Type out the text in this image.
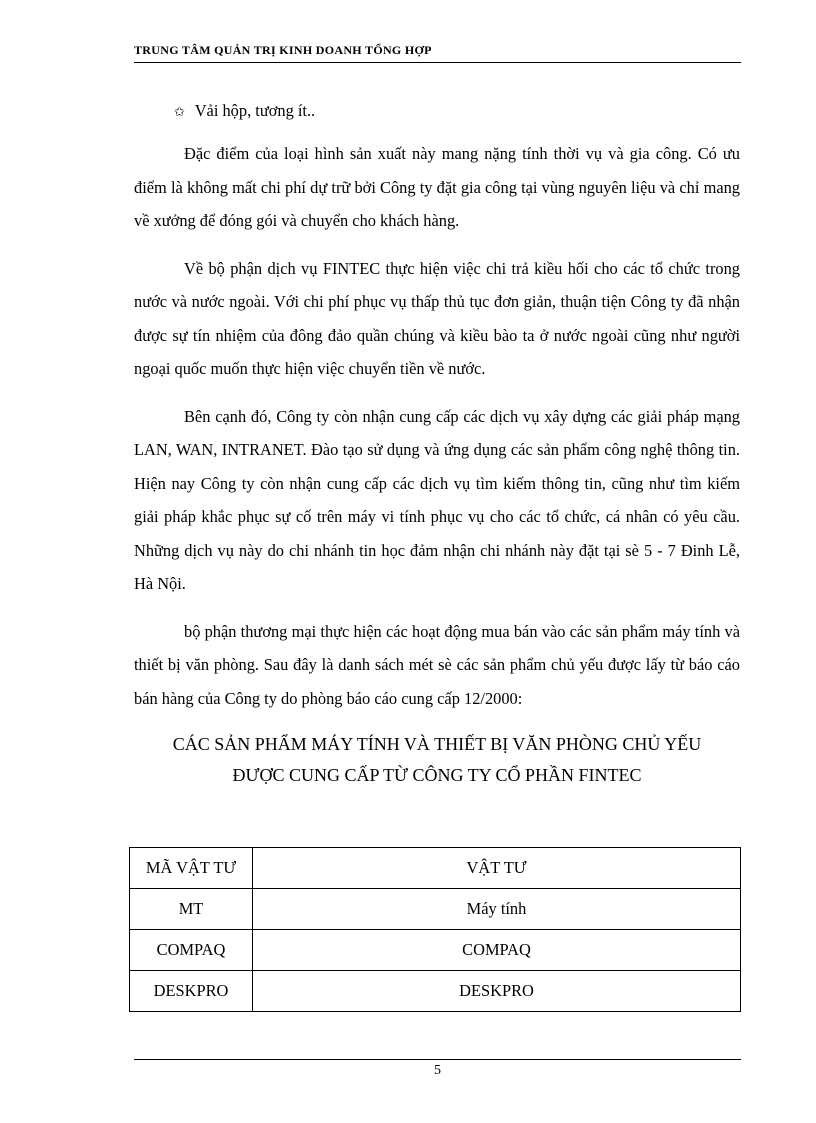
TRUNG TÂM QUẢN TRỊ KINH DOANH TỔNG HỢP

✩ Vải hộp, tương ít..

Đặc điểm của loại hình sản xuất này mang nặng tính thời vụ và gia công. Có ưu điểm là không mất chi phí dự trữ bởi Công ty đặt gia công tại vùng nguyên liệu và chỉ mang về xưởng để đóng gói và chuyển cho khách hàng.

Về bộ phận dịch vụ FINTEC thực hiện việc chi trả kiều hối cho các tổ chức trong nước và nước ngoài. Với chi phí phục vụ thấp thủ tục đơn giản, thuận tiện Công ty đã nhận được sự tín nhiệm của đông đảo quần chúng và kiều bào ta ở nước ngoài cũng như người ngoại quốc muốn thực hiện việc chuyển tiền về nước.

Bên cạnh đó, Công ty còn nhận cung cấp các dịch vụ xây dựng các giải pháp mạng LAN, WAN, INTRANET. Đào tạo sử dụng và ứng dụng các sản phẩm công nghệ thông tin. Hiện nay Công ty còn nhận cung cấp các dịch vụ tìm kiếm thông tin, cũng như tìm kiếm giải pháp khắc phục sự cố trên máy vi tính phục vụ cho các tổ chức, cá nhân có yêu cầu. Những dịch vụ này do chi nhánh tin học đảm nhận chi nhánh này đặt tại sè 5 - 7 Đinh Lễ, Hà Nội.

bộ phận thương mại thực hiện các hoạt động mua bán vào các sản phẩm máy tính và thiết bị văn phòng. Sau đây là danh sách mét sè các sản phẩm chủ yếu được lấy từ báo cáo bán hàng của Công ty do phòng báo cáo cung cấp 12/2000:

CÁC SẢN PHẨM MÁY TÍNH VÀ THIẾT BỊ VĂN PHÒNG CHỦ YẾU
ĐƯỢC CUNG CẤP TỪ CÔNG TY CỔ PHẦN FINTEC
MÃ VẬT TƯ	VẬT TƯ
MT	Máy tính
COMPAQ	COMPAQ
DESKPRO	DESKPRO
5
